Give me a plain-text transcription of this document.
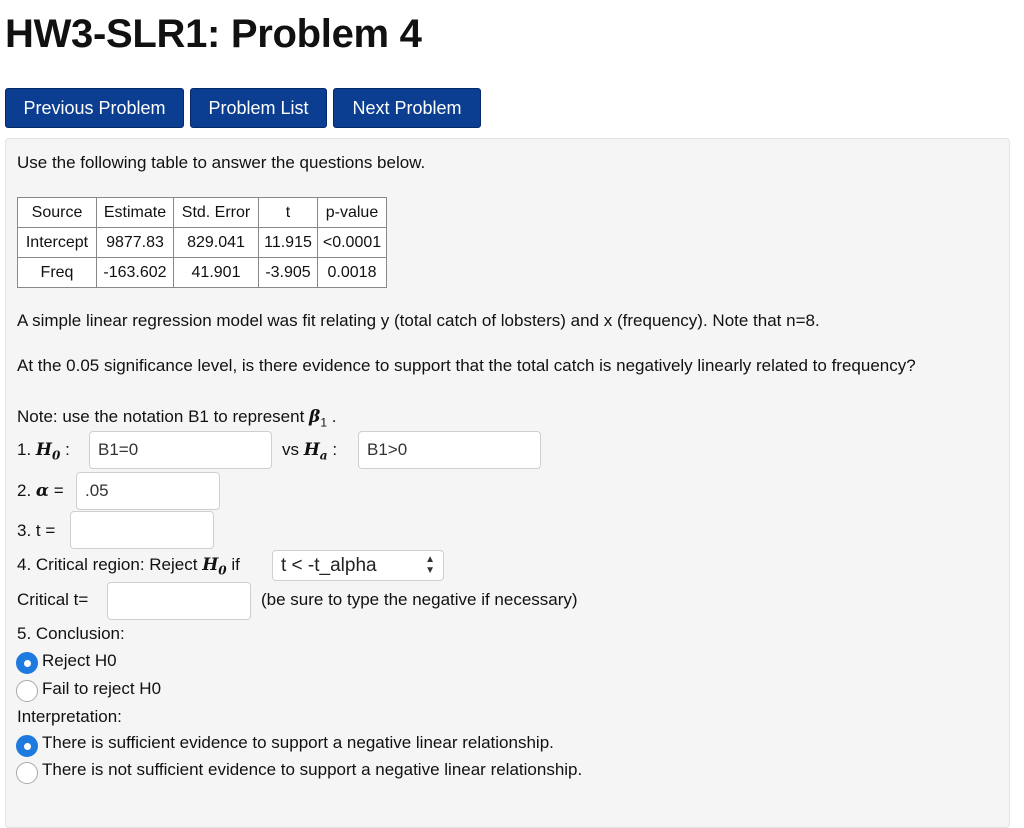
HW3-SLR1: Problem 4
Previous Problem	Problem List	Next Problem
Use the following table to answer the questions below.
Source	Estimate	Std. Error	t	p-value
Intercept	9877.83	829.041	11.915	<0.0001
Freq	-163.602	41.901	-3.905	0.0018
A simple linear regression model was fit relating y (total catch of lobsters) and x (frequency). Note that n=8.
At the 0.05 significance level, is there evidence to support that the total catch is negatively linearly related to frequency?
Note: use the notation B1 to represent $\beta_1$ .
1. $H_0$ :
B1=0	vs $H_a$ :
B1>0
2. α =
.05
3. t =
4. Critical region: Reject $H_0$ if t < -t_alpha	▲
▼
Critical t=	(be sure to type the negative if necessary)
5. Conclusion:
Reject H0
Fail to reject H0
Interpretation:
There is sufficient evidence to support a negative linear relationship.
There is not sufficient evidence to support a negative linear relationship.
